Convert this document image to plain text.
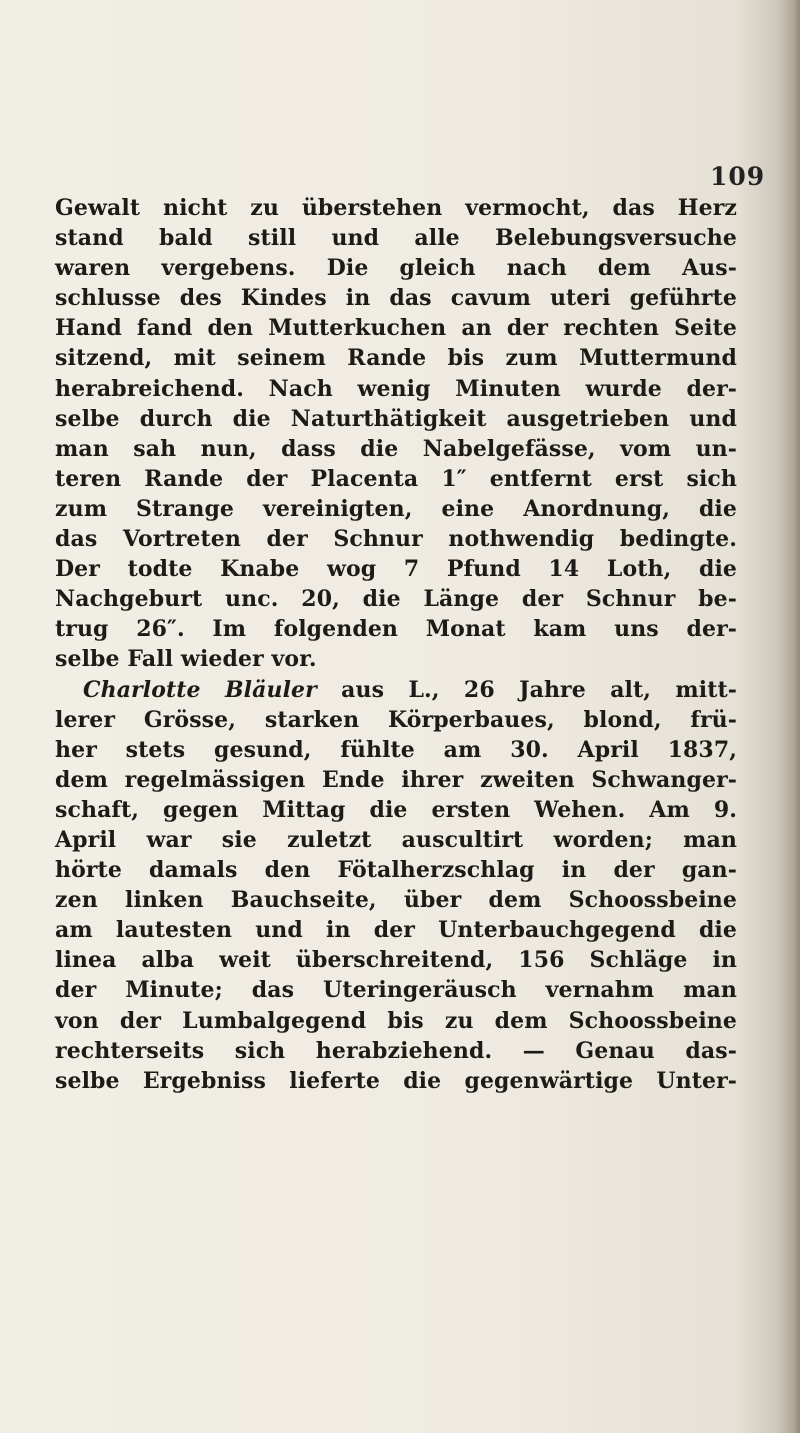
109
Gewalt nicht zu überstehen vermocht, das Herz
stand bald still und alle Belebungsversuche
waren vergebens. Die gleich nach dem Aus-
schlusse des Kindes in das cavum uteri geführte
Hand fand den Mutterkuchen an der rechten Seite
sitzend, mit seinem Rande bis zum Muttermund
herabreichend. Nach wenig Minuten wurde der-
selbe durch die Naturthätigkeit ausgetrieben und
man sah nun, dass die Nabelgefässe, vom un-
teren Rande der Placenta 1″ entfernt erst sich
zum Strange vereinigten, eine Anordnung, die
das Vortreten der Schnur nothwendig bedingte.
Der todte Knabe wog 7 Pfund 14 Loth, die
Nachgeburt unc. 20, die Länge der Schnur be-
trug 26″. Im folgenden Monat kam uns der-
selbe Fall wieder vor.
Charlotte Bläuler aus L., 26 Jahre alt, mitt-
lerer Grösse, starken Körperbaues, blond, frü-
her stets gesund, fühlte am 30. April 1837,
dem regelmässigen Ende ihrer zweiten Schwanger-
schaft, gegen Mittag die ersten Wehen. Am 9.
April war sie zuletzt auscultirt worden; man
hörte damals den Fötalherzschlag in der gan-
zen linken Bauchseite, über dem Schoossbeine
am lautesten und in der Unterbauchgegend die
linea alba weit überschreitend, 156 Schläge in
der Minute; das Uteringeräusch vernahm man
von der Lumbalgegend bis zu dem Schoossbeine
rechterseits sich herabziehend. — Genau das-
selbe Ergebniss lieferte die gegenwärtige Unter-
